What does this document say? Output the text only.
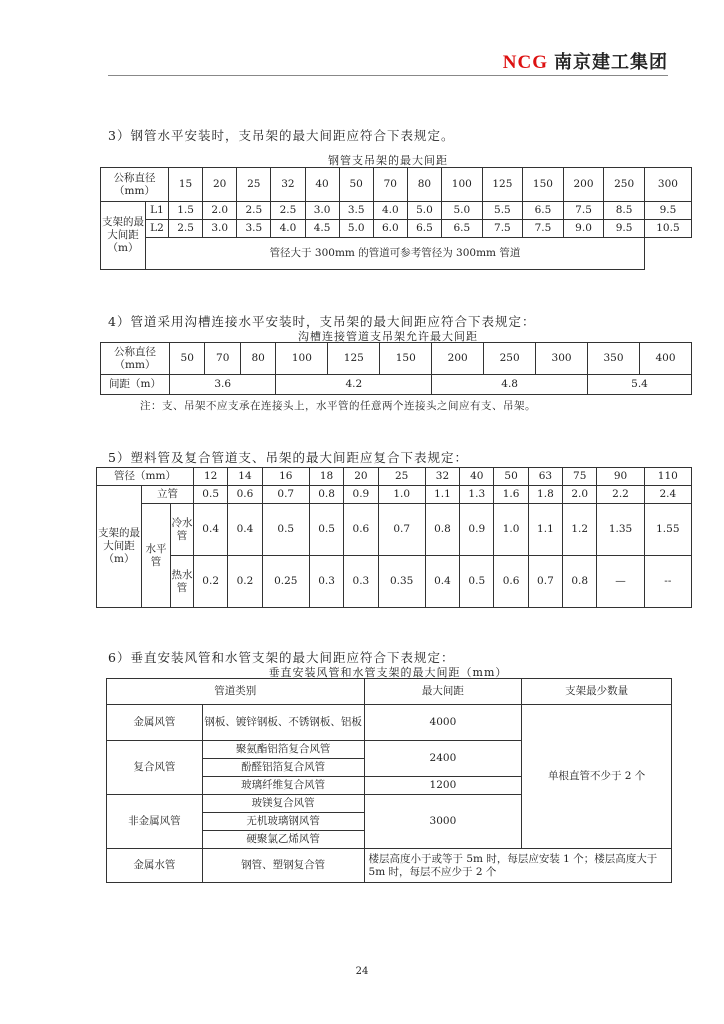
NCG 南京建工集团
3）钢管水平安装时，支吊架的最大间距应符合下表规定。
钢管支吊架的最大间距
公称直径（mm）		15	20	25	32	40	50	70	80	100	125	150	200	250	300
支架的最大间距（m）	L1	1.5	2.0	2.5	2.5	3.0	3.5	4.0	5.0	5.0	5.5	6.5	7.5	8.5	9.5
	L2	2.5	3.0	3.5	4.0	4.5	5.0	6.0	6.5	6.5	7.5	7.5	9.0	9.5	10.5
	管径大于 300mm 的管道可参考管径为 300mm 管道														
4）管道采用沟槽连接水平安装时，支吊架的最大间距应符合下表规定：
沟槽连接管道支吊架允许最大间距
公称直径（mm）	50	70	80	100	125	150	200	250	300	350	400
间距（m）	3.6			4.2			4.8			5.4	
注：支、吊架不应支承在连接头上，水平管的任意两个连接头之间应有支、吊架。
5）塑料管及复合管道支、吊架的最大间距应复合下表规定：
管径（mm）			12	14	16	18	20	25	32	40	50	63	75	90	110
支架的最大间距（m）	立管		0.5	0.6	0.7	0.8	0.9	1.0	1.1	1.3	1.6	1.8	2.0	2.2	2.4
	水平管	冷水管	0.4	0.4	0.5	0.5	0.6	0.7	0.8	0.9	1.0	1.1	1.2	1.35	1.55
		热水管	0.2	0.2	0.25	0.3	0.3	0.35	0.4	0.5	0.6	0.7	0.8	—	--
6）垂直安装风管和水管支架的最大间距应符合下表规定：
垂直安装风管和水管支架的最大间距（mm）
管道类别		最大间距	支架最少数量
金属风管	钢板、镀锌钢板、不锈钢板、铝板	4000	单根直管不少于 2 个
复合风管	聚氨酯铝箔复合风管	2400	
	酚醛铝箔复合风管		
	玻璃纤维复合风管	1200	
非金属风管	玻镁复合风管	3000	
	无机玻璃钢风管		
	硬聚氯乙烯风管		
金属水管	钢管、塑钢复合管	楼层高度小于或等于 5m 时，每层应安装 1 个；楼层高度大于 5m 时，每层不应少于 2 个	
24
